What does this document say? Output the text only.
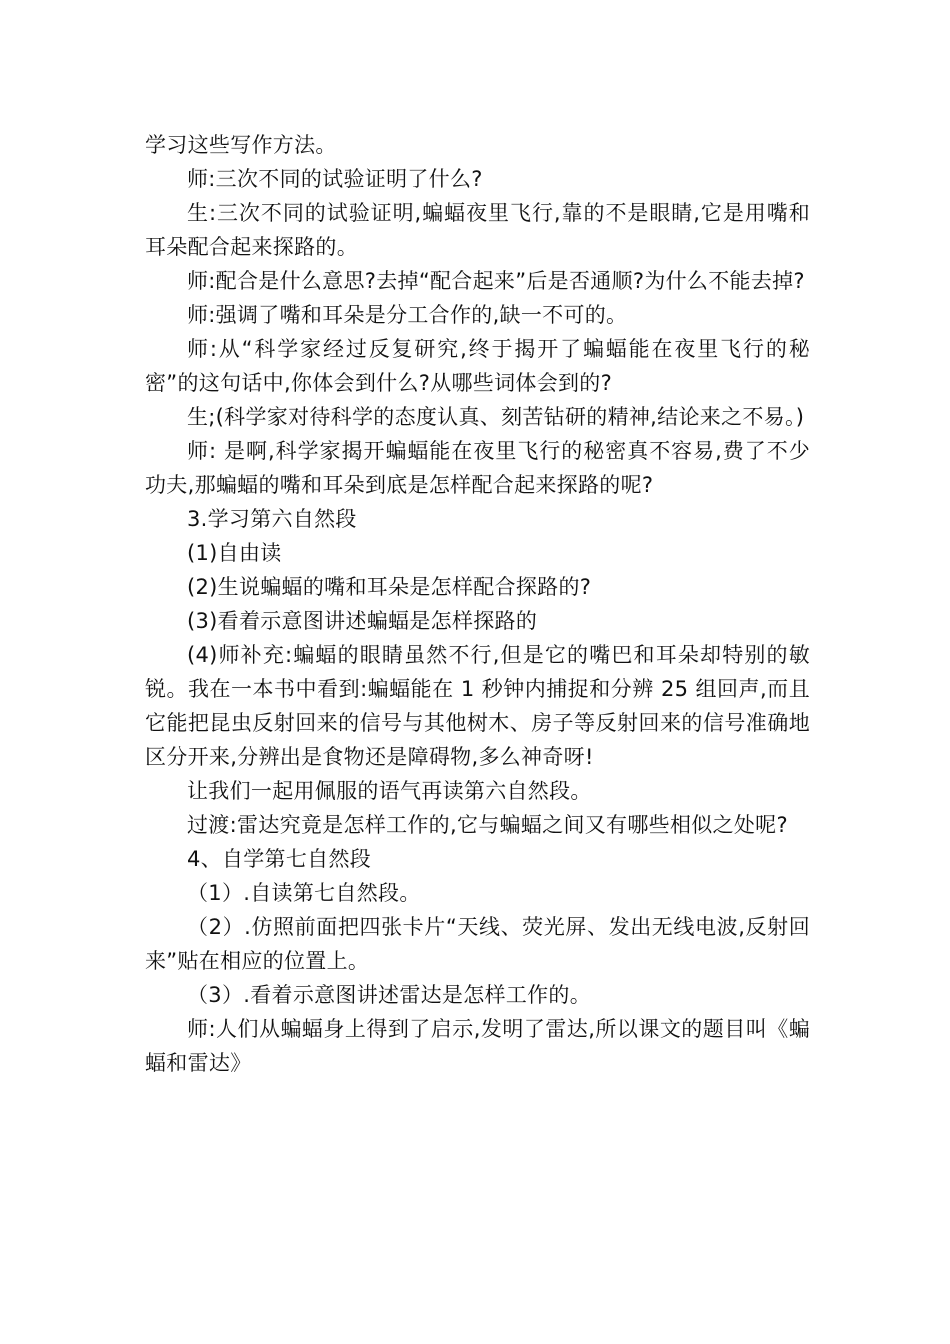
学习这些写作方法。

师:三次不同的试验证明了什么?

生:三次不同的试验证明,蝙蝠夜里飞行,靠的不是眼睛,它是用嘴和耳朵配合起来探路的。

师:配合是什么意思?去掉“配合起来”后是否通顺?为什么不能去掉?

师:强调了嘴和耳朵是分工合作的,缺一不可的。

师:从“科学家经过反复研究,终于揭开了蝙蝠能在夜里飞行的秘密”的这句话中,你体会到什么?从哪些词体会到的?

生;(科学家对待科学的态度认真、刻苦钻研的精神,结论来之不易。)

师: 是啊,科学家揭开蝙蝠能在夜里飞行的秘密真不容易,费了不少功夫,那蝙蝠的嘴和耳朵到底是怎样配合起来探路的呢?

3.学习第六自然段

(1)自由读

(2)生说蝙蝠的嘴和耳朵是怎样配合探路的?

(3)看着示意图讲述蝙蝠是怎样探路的

(4)师补充:蝙蝠的眼睛虽然不行,但是它的嘴巴和耳朵却特别的敏锐。我在一本书中看到:蝙蝠能在 1 秒钟内捕捉和分辨 25 组回声,而且它能把昆虫反射回来的信号与其他树木、房子等反射回来的信号准确地区分开来,分辨出是食物还是障碍物,多么神奇呀!

让我们一起用佩服的语气再读第六自然段。

过渡:雷达究竟是怎样工作的,它与蝙蝠之间又有哪些相似之处呢?

4、自学第七自然段

（1）.自读第七自然段。

（2）.仿照前面把四张卡片“天线、荧光屏、发出无线电波,反射回来”贴在相应的位置上。

（3）.看着示意图讲述雷达是怎样工作的。

师:人们从蝙蝠身上得到了启示,发明了雷达,所以课文的题目叫《蝙蝠和雷达》
